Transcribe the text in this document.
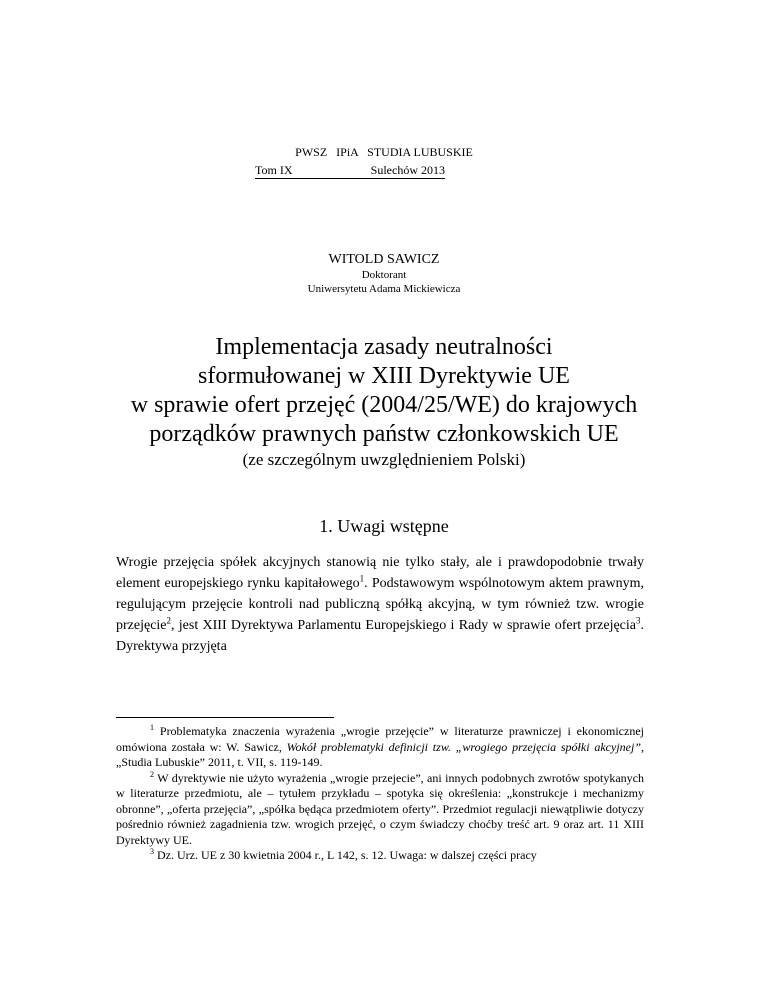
PWSZ   IPiA   STUDIA LUBUSKIE
Tom IX	Sulechów 2013
WITOLD SAWICZ
Doktorant
Uniwersytetu Adama Mickiewicza
Implementacja zasady neutralności
sformułowanej w XIII Dyrektywie UE
w sprawie ofert przejęć (2004/25/WE) do krajowych
porządków prawnych państw członkowskich UE
(ze szczególnym uwzględnieniem Polski)
1. Uwagi wstępne

Wrogie przejęcia spółek akcyjnych stanowią nie tylko stały, ale i prawdopodobnie trwały element europejskiego rynku kapitałowego$^1$. Podstawowym wspólnotowym aktem prawnym, regulującym przejęcie kontroli nad publiczną spółką akcyjną, w tym również tzw. wrogie przejęcie$^2$, jest XIII Dyrektywa Parlamentu Europejskiego i Rady w sprawie ofert przejęcia$^3$. Dyrektywa przyjęta

$^1$ Problematyka znaczenia wyrażenia „wrogie przejęcie” w literaturze prawniczej i ekonomicznej omówiona została w: W. Sawicz, Wokół problematyki definicji tzw. „wrogiego przejęcia spółki akcyjnej”, „Studia Lubuskie” 2011, t. VII, s. 119-149.

$^2$ W dyrektywie nie użyto wyrażenia „wrogie przejecie”, ani innych podobnych zwrotów spotykanych w literaturze przedmiotu, ale – tytułem przykładu – spotyka się określenia: „konstrukcje i mechanizmy obronne”, „oferta przejęcia”, „spółka będąca przedmiotem oferty”. Przedmiot regulacji niewątpliwie dotyczy pośrednio również zagadnienia tzw. wrogich przejęć, o czym świadczy choćby treść art. 9 oraz art. 11 XIII Dyrektywy UE.

$^3$ Dz. Urz. UE z 30 kwietnia 2004 r., L 142, s. 12. Uwaga: w dalszej części pracy
